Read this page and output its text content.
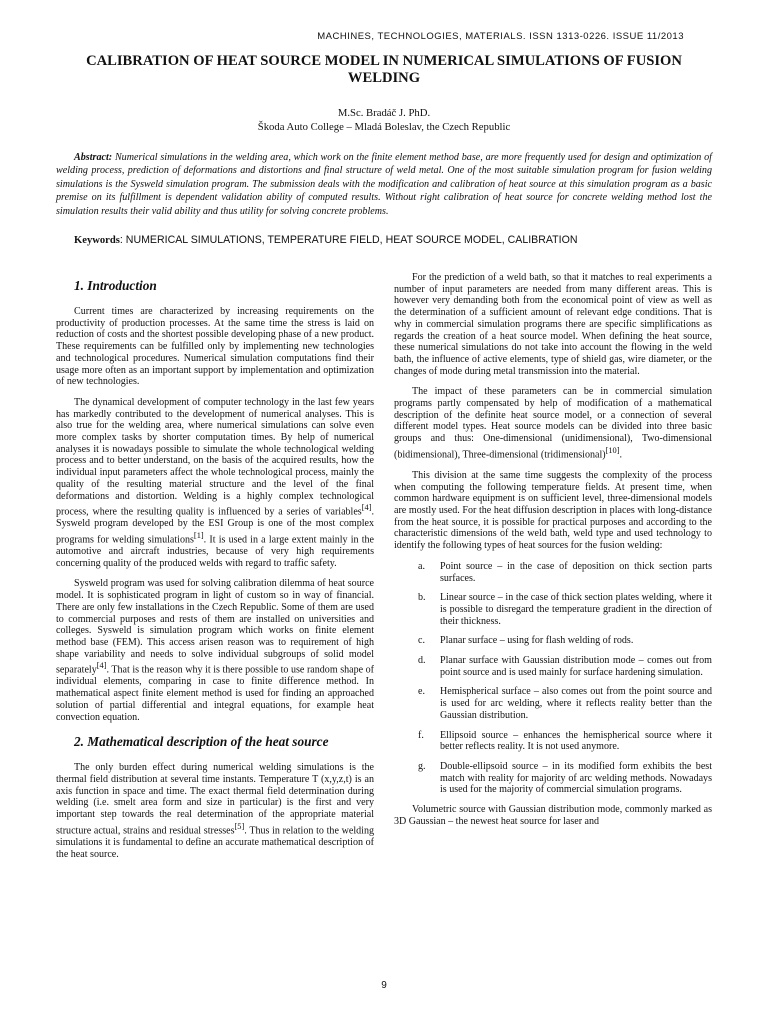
MACHINES, TECHNOLOGIES, MATERIALS. ISSN 1313-0226. ISSUE 11/2013
CALIBRATION OF HEAT SOURCE MODEL IN NUMERICAL SIMULATIONS OF FUSION WELDING
M.Sc. Bradáč J. PhD.
Škoda Auto College – Mladá Boleslav, the Czech Republic
Abstract: Numerical simulations in the welding area, which work on the finite element method base, are more frequently used for design and optimization of welding process, prediction of deformations and distortions and final structure of weld metal. One of the most suitable simulation program for fusion welding simulations is the Sysweld simulation program. The submission deals with the modification and calibration of heat source at this simulation program as a basic premise on its fulfillment is dependent validation ability of computed results. Without right calibration of heat source for concrete welding method lost the simulation results their valid ability and thus utility for solving concrete problems.
Keywords: NUMERICAL SIMULATIONS, TEMPERATURE FIELD, HEAT SOURCE MODEL, CALIBRATION
1. Introduction

Current times are characterized by increasing requirements on the productivity of production processes. At the same time the stress is laid on reduction of costs and the shortest possible developing phase of a new product. These requirements can be fulfilled only by implementing new technologies and technological procedures. Numerical simulation computations find their usage more often as an important support by implementation and optimization of new technologies.

The dynamical development of computer technology in the last few years has markedly contributed to the development of numerical analyses. This is also true for the welding area, where numerical simulations can solve even more complex tasks by shorter computation times. By help of numerical analyses it is nowadays possible to simulate the whole technological welding process and to better understand, on the basis of the acquired results, how the individual input parameters affect the whole technological process, mainly the quality of the resulting material structure and the level of the final deformations and distortion. Welding is a highly complex technological process, where the resulting quality is influenced by a series of variables[4]. Sysweld program developed by the ESI Group is one of the most complex programs for welding simulations[1]. It is used in a large extent mainly in the automotive and aircraft industries, because of very high requirements concerning quality of the produced welds with regard to traffic safety.

Sysweld program was used for solving calibration dilemma of heat source model. It is sophisticated program in light of custom so in way of financial. There are only few installations in the Czech Republic. Some of them are used to commercial purposes and rests of them are installed on universities and colleges. Sysweld is simulation program which works on finite element method base (FEM). This access arisen reason was to requirement of high shape variability and needs to solve individual subgroups of solid model separately[4]. That is the reason why it is there possible to use random shape of individual elements, comparing in case to finite difference method. In mathematical aspect finite element method is used for finding an approached solution of partial differential and integral equations, for example heat convection equation.

2. Mathematical description of the heat source

The only burden effect during numerical welding simulations is the thermal field distribution at several time instants. Temperature T (x,y,z,t) is an axis function in space and time. The exact thermal field determination during welding (i.e. smelt area form and size in particular) is the first and very important step towards the real determination of the appropriate material structure actual, strains and residual stresses[5]. Thus in relation to the welding simulations it is fundamental to define an accurate mathematical description of the heat source.

For the prediction of a weld bath, so that it matches to real experiments a number of input parameters are needed from many different areas. This is however very demanding both from the economical point of view as well as the determination of a sufficient amount of relevant edge conditions. That is why in commercial simulation programs there are specific simplifications as regards the creation of a heat source model. When defining the heat source, these numerical simulations do not take into account the flowing in the weld bath, the influence of active elements, type of shield gas, wire diameter, or the changes of mode during metal transmission into the material.

The impact of these parameters can be in commercial simulation programs partly compensated by help of modification of a mathematical description of the definite heat source model, or a connection of several different model types. Heat source models can be divided into three basic groups and thus: One-dimensional (unidimensional), Two-dimensional (bidimensional), Three-dimensional (tridimensional)[10].

This division at the same time suggests the complexity of the process when computing the following temperature fields. At present time, when common hardware equipment is on sufficient level, three-dimensional models are mostly used. For the heat diffusion description in places with long-distance from the heat source, it is possible for practical purposes and according to the characteristic dimensions of the weld bath, weld type and used technology to identify the following types of heat sources for the fusion welding:

a. Point source – in the case of deposition on thick section parts surfaces.
b. Linear source – in the case of thick section plates welding, where it is possible to disregard the temperature gradient in the direction of their thickness.
c. Planar surface – using for flash welding of rods.
d. Planar surface with Gaussian distribution mode – comes out from point source and is used mainly for surface hardening simulation.
e. Hemispherical surface – also comes out from the point source and is used for arc welding, where it reflects reality better than the Gaussian distribution.
f. Ellipsoid source – enhances the hemispherical source where it better reflects reality. It is not used anymore.
g. Double-ellipsoid source – in its modified form exhibits the best match with reality for majority of arc welding methods. Nowadays is used for the majority of commercial simulation programs.

Volumetric source with Gaussian distribution mode, commonly marked as 3D Gaussian – the newest heat source for laser and

9
